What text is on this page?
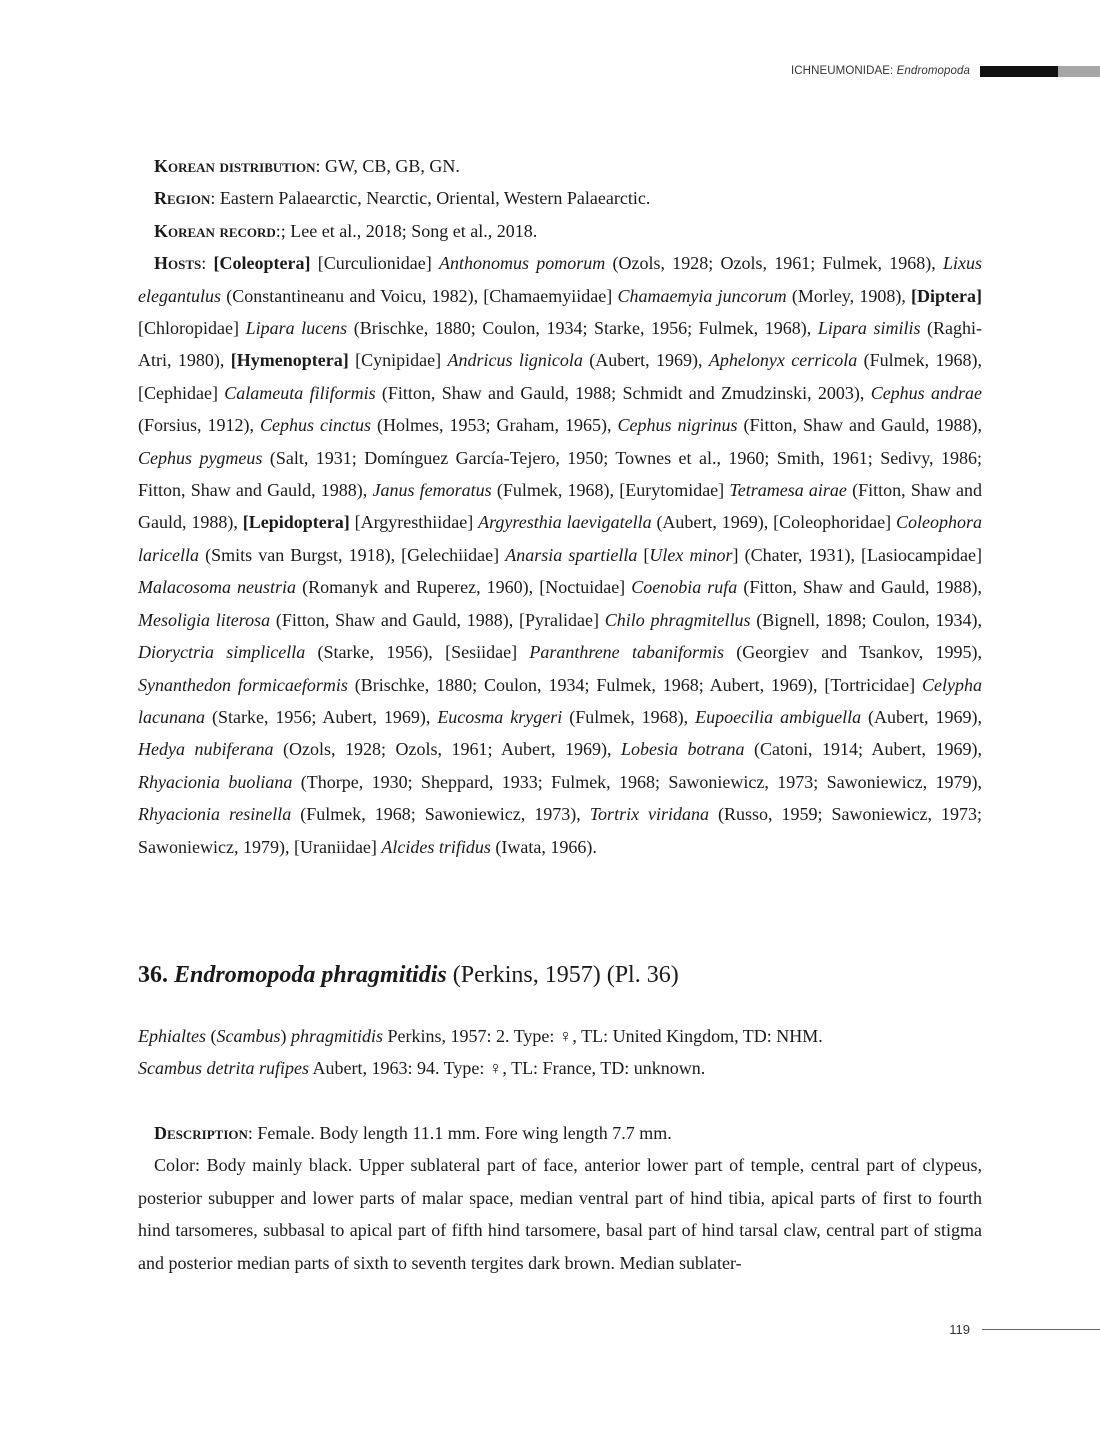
ICHNEUMONIDAE: Endromopoda

Korean distribution: GW, CB, GB, GN.

Region: Eastern Palaearctic, Nearctic, Oriental, Western Palaearctic.

Korean record:; Lee et al., 2018; Song et al., 2018.

Hosts: [Coleoptera] [Curculionidae] Anthonomus pomorum (Ozols, 1928; Ozols, 1961; Fulmek, 1968), Lixus elegantulus (Constantineanu and Voicu, 1982), [Chamaemyiidae] Chamaemyia juncorum (Morley, 1908), [Diptera] [Chloropidae] Lipara lucens (Brischke, 1880; Coulon, 1934; Starke, 1956; Fulmek, 1968), Lipara similis (Raghi-Atri, 1980), [Hymenoptera] [Cynipidae] Andricus lignicola (Aubert, 1969), Aphelonyx cerricola (Fulmek, 1968), [Cephidae] Calameuta filiformis (Fitton, Shaw and Gauld, 1988; Schmidt and Zmudzinski, 2003), Cephus andrae (Forsius, 1912), Cephus cinctus (Holmes, 1953; Graham, 1965), Cephus nigrinus (Fitton, Shaw and Gauld, 1988), Cephus pygmeus (Salt, 1931; Domínguez García-Tejero, 1950; Townes et al., 1960; Smith, 1961; Sedivy, 1986; Fitton, Shaw and Gauld, 1988), Janus femoratus (Fulmek, 1968), [Eurytomidae] Tetramesa airae (Fitton, Shaw and Gauld, 1988), [Lepidoptera] [Argyresthiidae] Argyresthia laevigatella (Aubert, 1969), [Coleophoridae] Coleophora laricella (Smits van Burgst, 1918), [Gelechiidae] Anarsia spartiella [Ulex minor] (Chater, 1931), [Lasiocampidae] Malacosoma neustria (Romanyk and Ruperez, 1960), [Noctuidae] Coenobia rufa (Fitton, Shaw and Gauld, 1988), Mesoligia literosa (Fitton, Shaw and Gauld, 1988), [Pyralidae] Chilo phragmitellus (Bignell, 1898; Coulon, 1934), Dioryctria simplicella (Starke, 1956), [Sesiidae] Paranthrene tabaniformis (Georgiev and Tsankov, 1995), Synanthedon formicaeformis (Brischke, 1880; Coulon, 1934; Fulmek, 1968; Aubert, 1969), [Tortricidae] Celypha lacunana (Starke, 1956; Aubert, 1969), Eucosma krygeri (Fulmek, 1968), Eupoecilia ambiguella (Aubert, 1969), Hedya nubiferana (Ozols, 1928; Ozols, 1961; Aubert, 1969), Lobesia botrana (Catoni, 1914; Aubert, 1969), Rhyacionia buoliana (Thorpe, 1930; Sheppard, 1933; Fulmek, 1968; Sawoniewicz, 1973; Sawoniewicz, 1979), Rhyacionia resinella (Fulmek, 1968; Sawoniewicz, 1973), Tortrix viridana (Russo, 1959; Sawoniewicz, 1973; Sawoniewicz, 1979), [Uraniidae] Alcides trifidus (Iwata, 1966).

36. Endromopoda phragmitidis (Perkins, 1957) (Pl. 36)

Ephialtes (Scambus) phragmitidis Perkins, 1957: 2. Type: ♀, TL: United Kingdom, TD: NHM.

Scambus detrita rufipes Aubert, 1963: 94. Type: ♀, TL: France, TD: unknown.

Description: Female. Body length 11.1 mm. Fore wing length 7.7 mm.

Color: Body mainly black. Upper sublateral part of face, anterior lower part of temple, central part of clypeus, posterior subupper and lower parts of malar space, median ventral part of hind tibia, apical parts of first to fourth hind tarsomeres, subbasal to apical part of fifth hind tarsomere, basal part of hind tarsal claw, central part of stigma and posterior median parts of sixth to seventh tergites dark brown. Median sublater-

119
